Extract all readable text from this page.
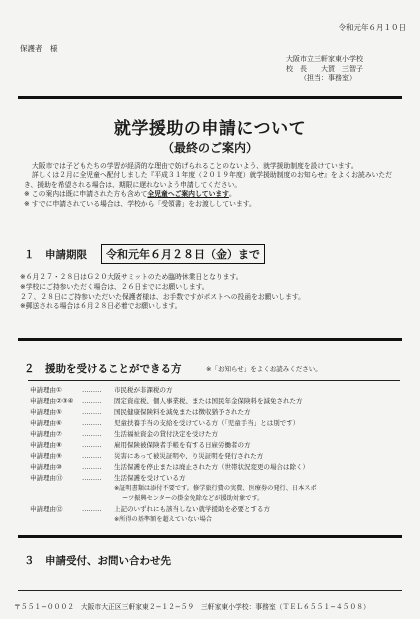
令和元年６月１０日
保護者　様
大阪市立三軒家東小学校
校　長　　大賀　三智子
（担当：事務室）
就学援助の申請について
（最終のご案内）

大阪市では子どもたちの学習が経済的な理由で妨げられることのないよう、就学援助制度を設けています。

詳しくは２月に全児童へ配付しました『平成３１年度（２０１９年度）就学援助制度のお知らせ』をよくお読みいただき、援助を希望される場合は、期限に遅れないよう申請してください。

※ この案内は既に申請された方も含めて全児童へご案内しています。

※ すでに申請されている場合は、学校から「受領書」をお渡ししています。

１　申請期限	令和元年６月２８日（金）まで
※６月２７・２８日はＧ２０大阪サミットのため臨時休業日となります。
※学校にご持参いただく場合は、２６日までにお願いします。
２７、２８日にご持参いただいた保護者様は、お手数ですがポストへの投函をお願いします。
※郵送される場合は６月２８日必着でお願いします。
２　援助を受けることができる方	※「お知らせ」をよくお読みください。
申請理由①	……… 市民税が非課税の方
申請理由②③④ ……… 固定資産税、個人事業税、または国民年金保険料を減免された方
申請理由⑤	……… 国民健康保険料を減免または徴収猶予された方
申請理由⑥	……… 児童扶養手当の支給を受けている方（「児童手当」とは別です）
申請理由⑦	……… 生活福祉資金の貸付決定を受けた方
申請理由⑧	……… 雇用保険被保険者手帳を有する日雇労働者の方
申請理由⑨	……… 災害にあって被災証明や、り災証明を発行された方
申請理由⑩	……… 生活保護を停止または廃止された方（世帯状況変更の場合は除く）
申請理由⑪	……… 生活保護を受けている方
※証明書類は添付不要です。修学旅行費の実費、医療券の発行、日本スポ
ーツ振興センターの掛金免除などが援助対象です。
申請理由⑫	……… 上記のいずれにも該当しない就学援助を必要とする方
※所得の基準額を超えていない場合
３　申請受付、お問い合わせ先
〒５５１−０００２　大阪市大正区三軒家東２−１２−５９　三軒家東小学校：事務室（ＴＥＬ６５５１−４５０８）
